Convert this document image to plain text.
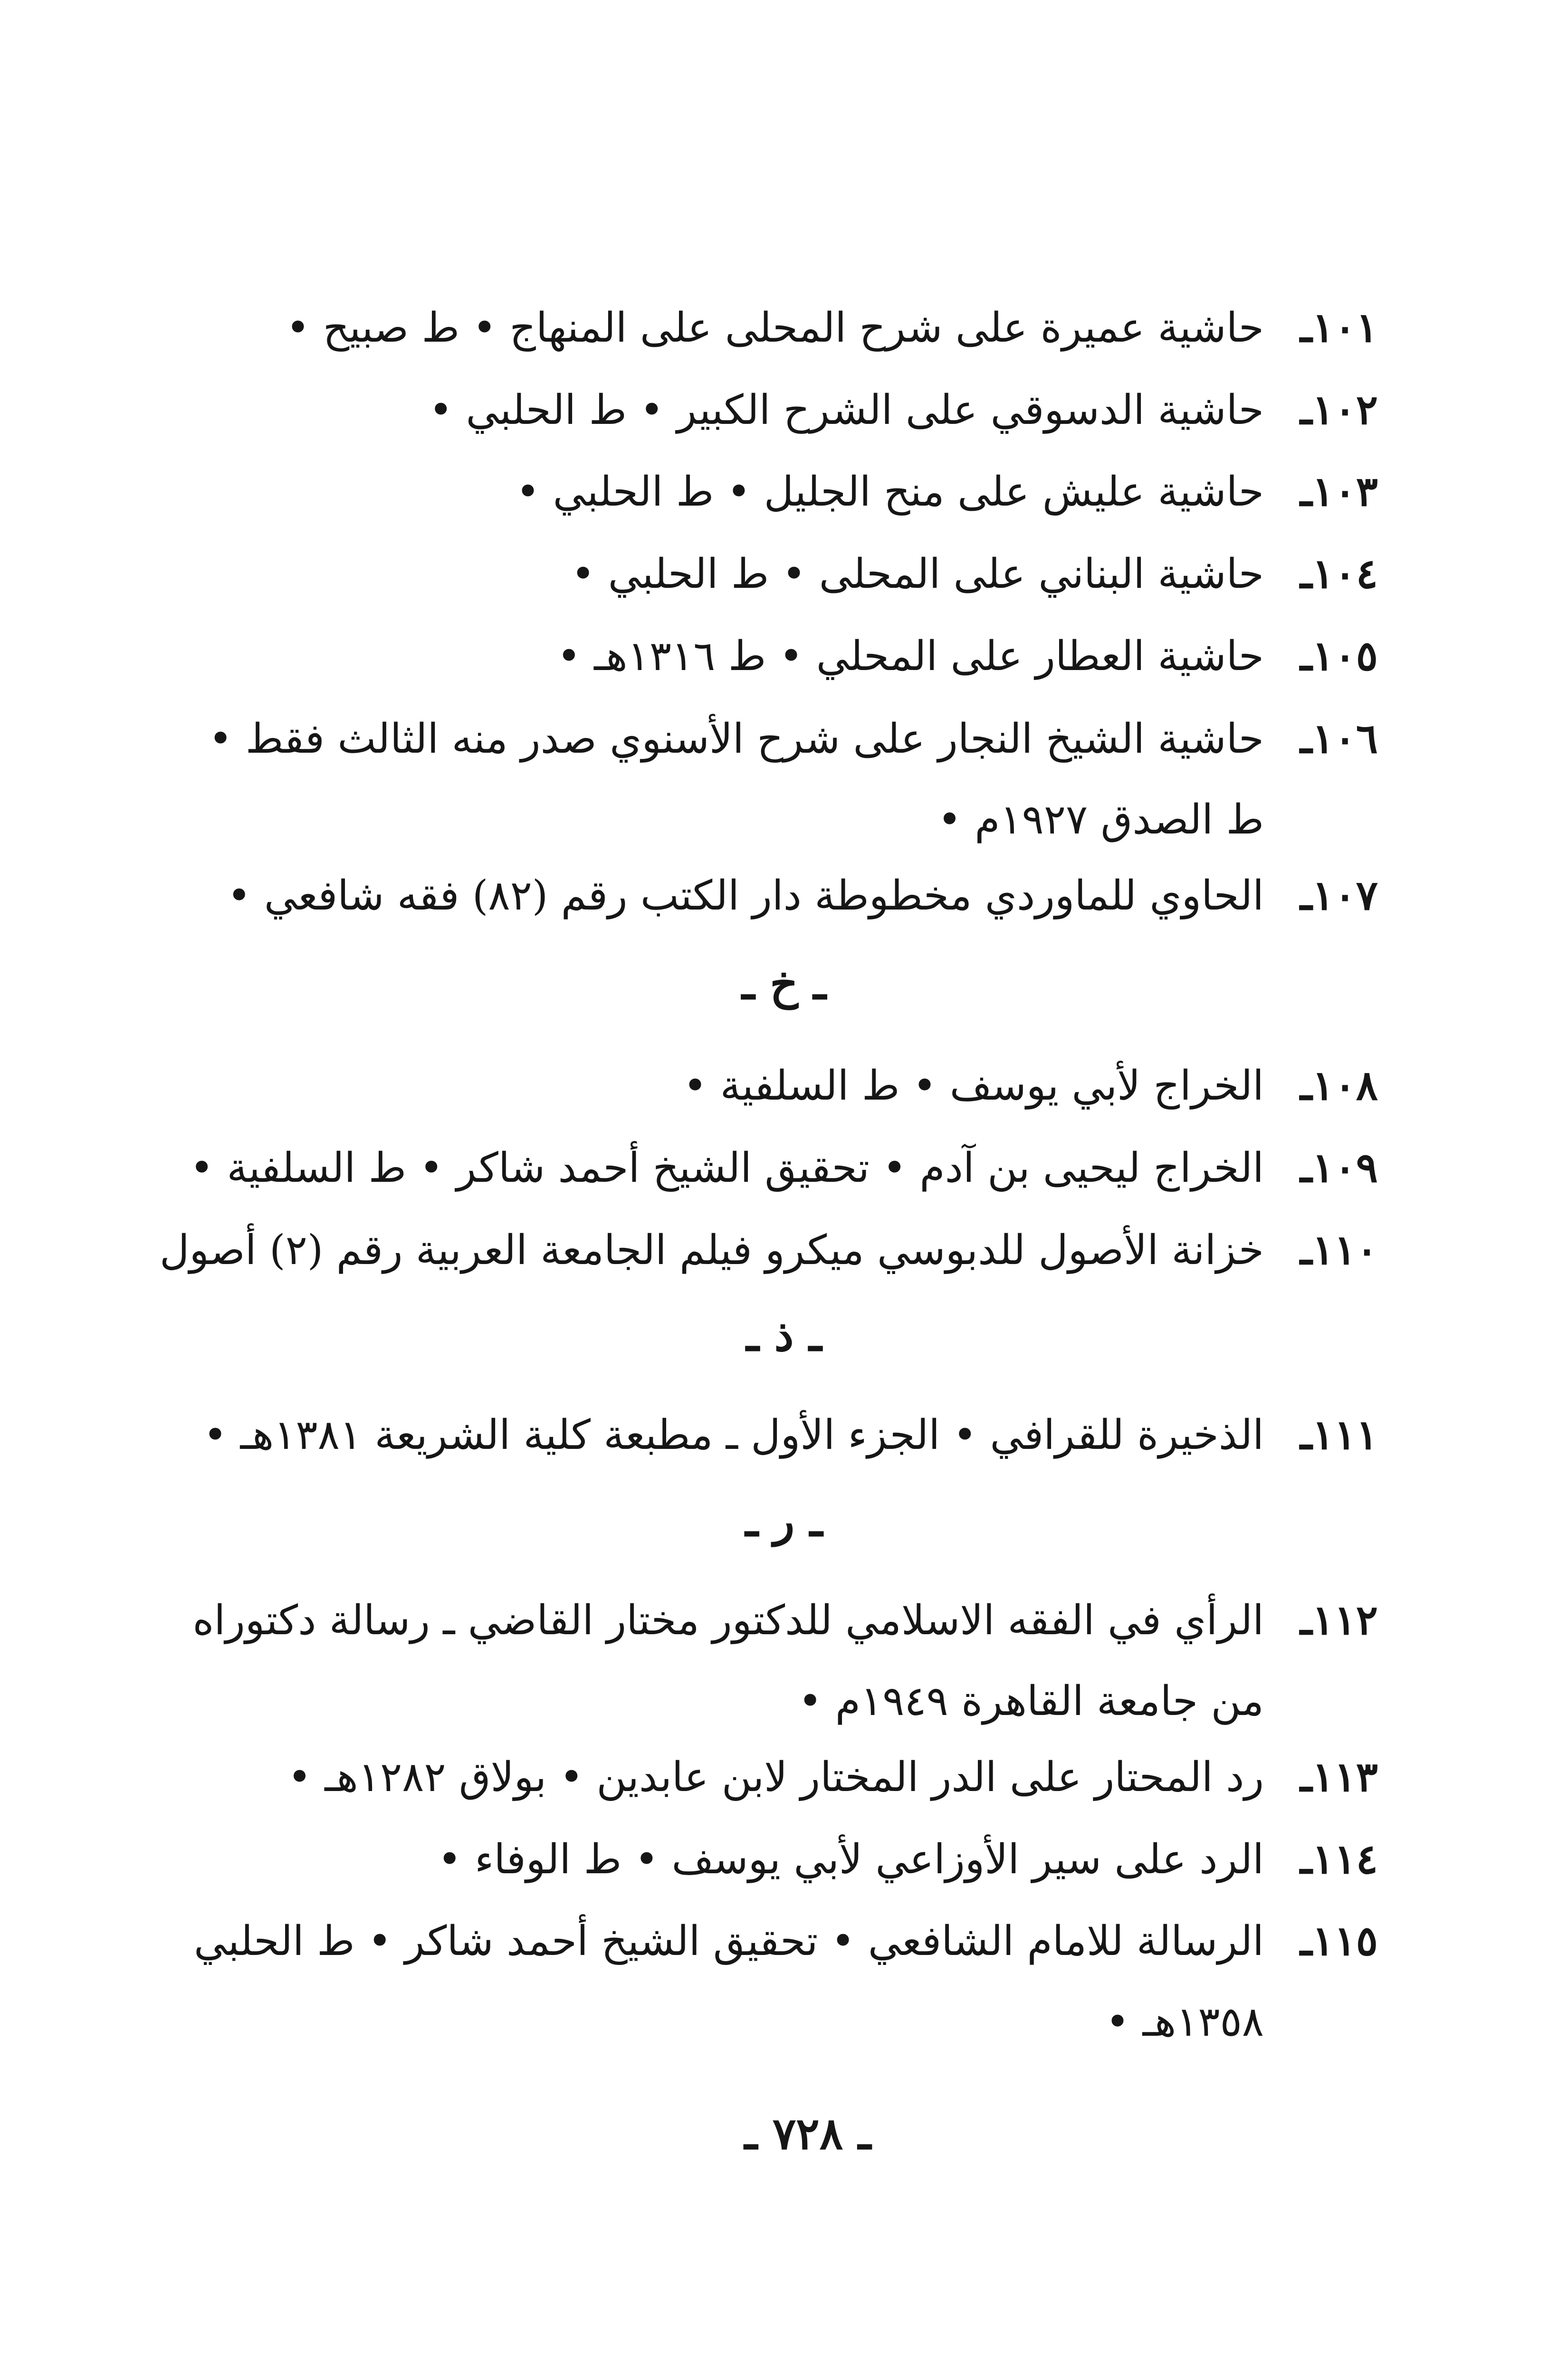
١٠١ـ
حاشية عميرة على شرح المحلى على المنهاج • ط صبيح •
١٠٢ـ
حاشية الدسوقي على الشرح الكبير • ط الحلبي •
١٠٣ـ
حاشية عليش على منح الجليل • ط الحلبي •
١٠٤ـ
حاشية البناني على المحلى • ط الحلبي •
١٠٥ـ
حاشية العطار على المحلي • ط ١٣١٦هـ •
١٠٦ـ
حاشية الشيخ النجار على شرح الأسنوي صدر منه الثالث فقط •
ط الصدق ١٩٢٧م •
١٠٧ـ
الحاوي للماوردي مخطوطة دار الكتب رقم (٨٢) فقه شافعي •
ـ خ ـ
١٠٨ـ
الخراج لأبي يوسف • ط السلفية •
١٠٩ـ
الخراج ليحيى بن آدم • تحقيق الشيخ أحمد شاكر • ط السلفية •
١١٠ـ
خزانة الأصول للدبوسي ميكرو فيلم الجامعة العربية رقم (٢) أصول
ـ ذ ـ
١١١ـ
الذخيرة للقرافي • الجزء الأول ـ مطبعة كلية الشريعة ١٣٨١هـ •
ـ ر ـ
١١٢ـ
الرأي في الفقه الاسلامي للدكتور مختار القاضي ـ رسالة دكتوراه
من جامعة القاهرة ١٩٤٩م •
١١٣ـ
رد المحتار على الدر المختار لابن عابدين • بولاق ١٢٨٢هـ •
١١٤ـ
الرد على سير الأوزاعي لأبي يوسف • ط الوفاء •
١١٥ـ
الرسالة للامام الشافعي • تحقيق الشيخ أحمد شاكر • ط الحلبي
١٣٥٨هـ •
ـ ٧٢٨ ـ
